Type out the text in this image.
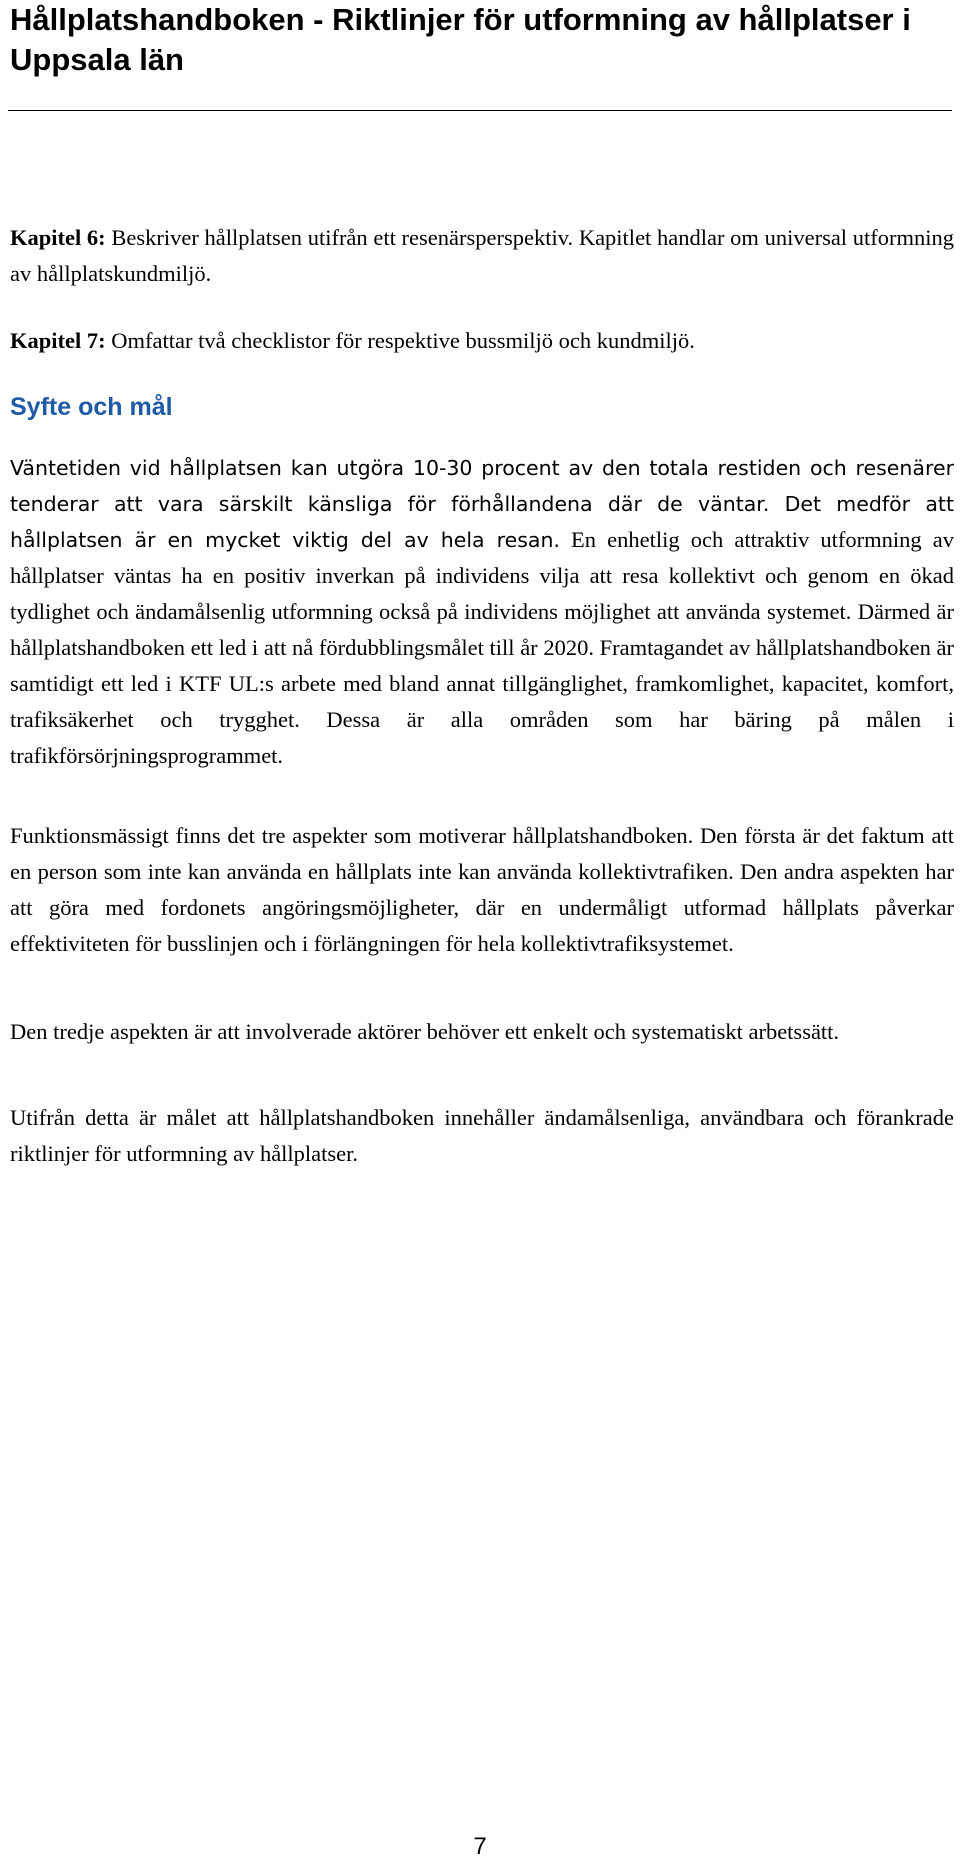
Hållplatshandboken - Riktlinjer för utformning av hållplatser i Uppsala län

Kapitel 6: Beskriver hållplatsen utifrån ett resenärsperspektiv. Kapitlet handlar om universal utformning av hållplatskundmiljö.

Kapitel 7: Omfattar två checklistor för respektive bussmiljö och kundmiljö.

Syfte och mål

Väntetiden vid hållplatsen kan utgöra 10-30 procent av den totala restiden och resenärer tenderar att vara särskilt känsliga för förhållandena där de väntar. Det medför att hållplatsen är en mycket viktig del av hela resan. En enhetlig och attraktiv utformning av hållplatser väntas ha en positiv inverkan på individens vilja att resa kollektivt och genom en ökad tydlighet och ändamålsenlig utformning också på individens möjlighet att använda systemet. Därmed är hållplatshandboken ett led i att nå fördubblingsmålet till år 2020. Framtagandet av hållplatshandboken är samtidigt ett led i KTF UL:s arbete med bland annat tillgänglighet, framkomlighet, kapacitet, komfort, trafiksäkerhet och trygghet. Dessa är alla områden som har bäring på målen i trafikförsörjningsprogrammet.

Funktionsmässigt finns det tre aspekter som motiverar hållplatshandboken. Den första är det faktum att en person som inte kan använda en hållplats inte kan använda kollektivtrafiken. Den andra aspekten har att göra med fordonets angöringsmöjligheter, där en undermåligt utformad hållplats påverkar effektiviteten för busslinjen och i förlängningen för hela kollektivtrafiksystemet.

Den tredje aspekten är att involverade aktörer behöver ett enkelt och systematiskt arbetssätt.

Utifrån detta är målet att hållplatshandboken innehåller ändamålsenliga, användbara och förankrade riktlinjer för utformning av hållplatser.

7
